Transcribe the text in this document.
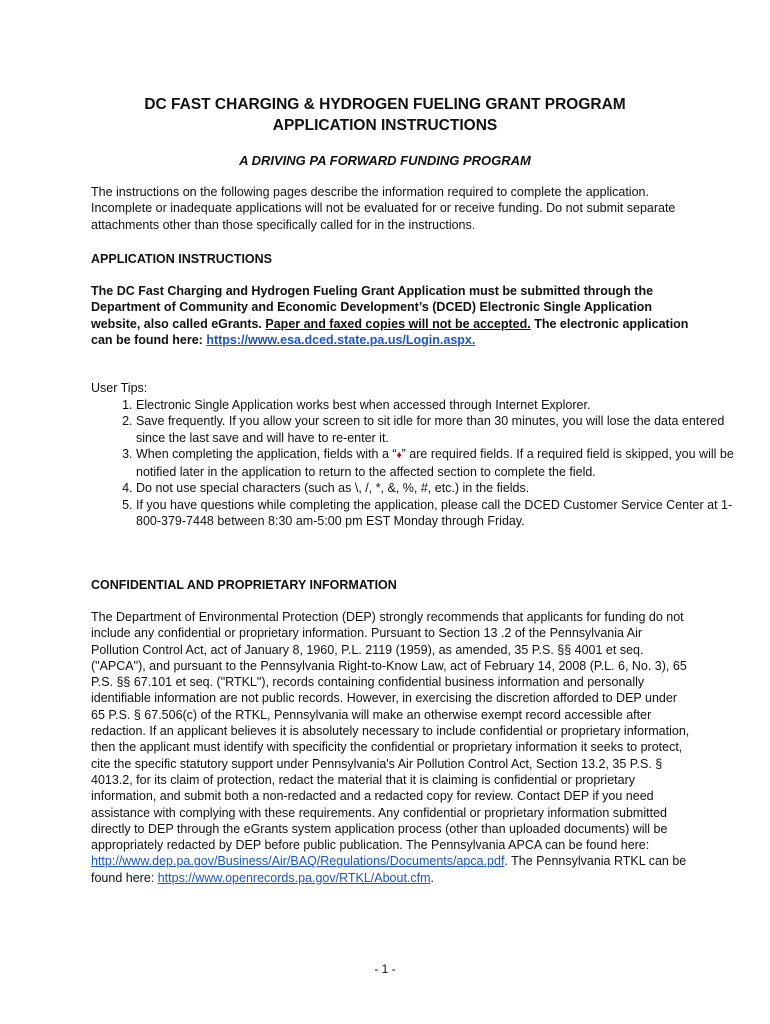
DC FAST CHARGING & HYDROGEN FUELING GRANT PROGRAM
APPLICATION INSTRUCTIONS
A DRIVING PA FORWARD FUNDING PROGRAM
The instructions on the following pages describe the information required to complete the application. Incomplete or inadequate applications will not be evaluated for or receive funding. Do not submit separate attachments other than those specifically called for in the instructions.
APPLICATION INSTRUCTIONS
The DC Fast Charging and Hydrogen Fueling Grant Application must be submitted through the Department of Community and Economic Development’s (DCED) Electronic Single Application website, also called eGrants. Paper and faxed copies will not be accepted. The electronic application can be found here: https://www.esa.dced.state.pa.us/Login.aspx.
User Tips:
1. Electronic Single Application works best when accessed through Internet Explorer.
2. Save frequently. If you allow your screen to sit idle for more than 30 minutes, you will lose the data entered since the last save and will have to re-enter it.
3. When completing the application, fields with a “♦” are required fields. If a required field is skipped, you will be notified later in the application to return to the affected section to complete the field.
4. Do not use special characters (such as \, /, *, &, %, #, etc.) in the fields.
5. If you have questions while completing the application, please call the DCED Customer Service Center at 1-800-379-7448 between 8:30 am-5:00 pm EST Monday through Friday.
CONFIDENTIAL AND PROPRIETARY INFORMATION
The Department of Environmental Protection (DEP) strongly recommends that applicants for funding do not include any confidential or proprietary information. Pursuant to Section 13 .2 of the Pennsylvania Air Pollution Control Act, act of January 8, 1960, P.L. 2119 (1959), as amended, 35 P.S. §§ 4001 et seq. ("APCA"), and pursuant to the Pennsylvania Right-to-Know Law, act of February 14, 2008 (P.L. 6, No. 3), 65 P.S. §§ 67.101 et seq. ("RTKL"), records containing confidential business information and personally identifiable information are not public records. However, in exercising the discretion afforded to DEP under 65 P.S. § 67.506(c) of the RTKL, Pennsylvania will make an otherwise exempt record accessible after redaction. If an applicant believes it is absolutely necessary to include confidential or proprietary information, then the applicant must identify with specificity the confidential or proprietary information it seeks to protect, cite the specific statutory support under Pennsylvania's Air Pollution Control Act, Section 13.2, 35 P.S. § 4013.2, for its claim of protection, redact the material that it is claiming is confidential or proprietary information, and submit both a non-redacted and a redacted copy for review. Contact DEP if you need assistance with complying with these requirements. Any confidential or proprietary information submitted directly to DEP through the eGrants system application process (other than uploaded documents) will be appropriately redacted by DEP before public publication. The Pennsylvania APCA can be found here: http://www.dep.pa.gov/Business/Air/BAQ/Regulations/Documents/apca.pdf. The Pennsylvania RTKL can be found here: https://www.openrecords.pa.gov/RTKL/About.cfm.
- 1 -
